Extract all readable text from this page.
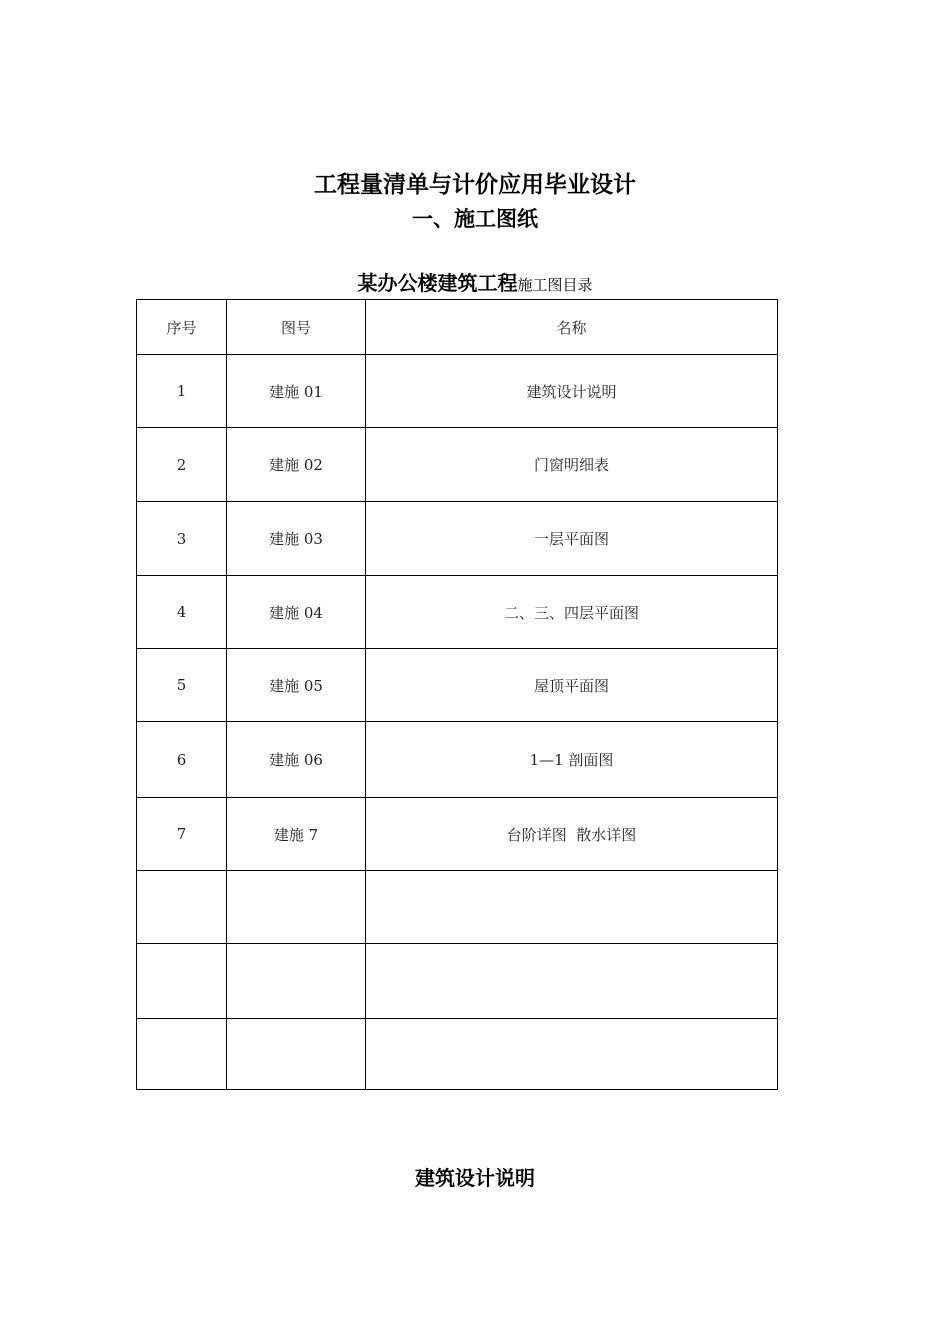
工程量清单与计价应用毕业设计
一、施工图纸
某办公楼建筑工程施工图目录
序号	图号	名称
1	建施 01	建筑设计说明
2	建施 02	门窗明细表
3	建施 03	一层平面图
4	建施 04	二、三、四层平面图
5	建施 05	屋顶平面图
6	建施 06	1—1 剖面图
7	建施 7	台阶详图  散水详图

建筑设计说明
